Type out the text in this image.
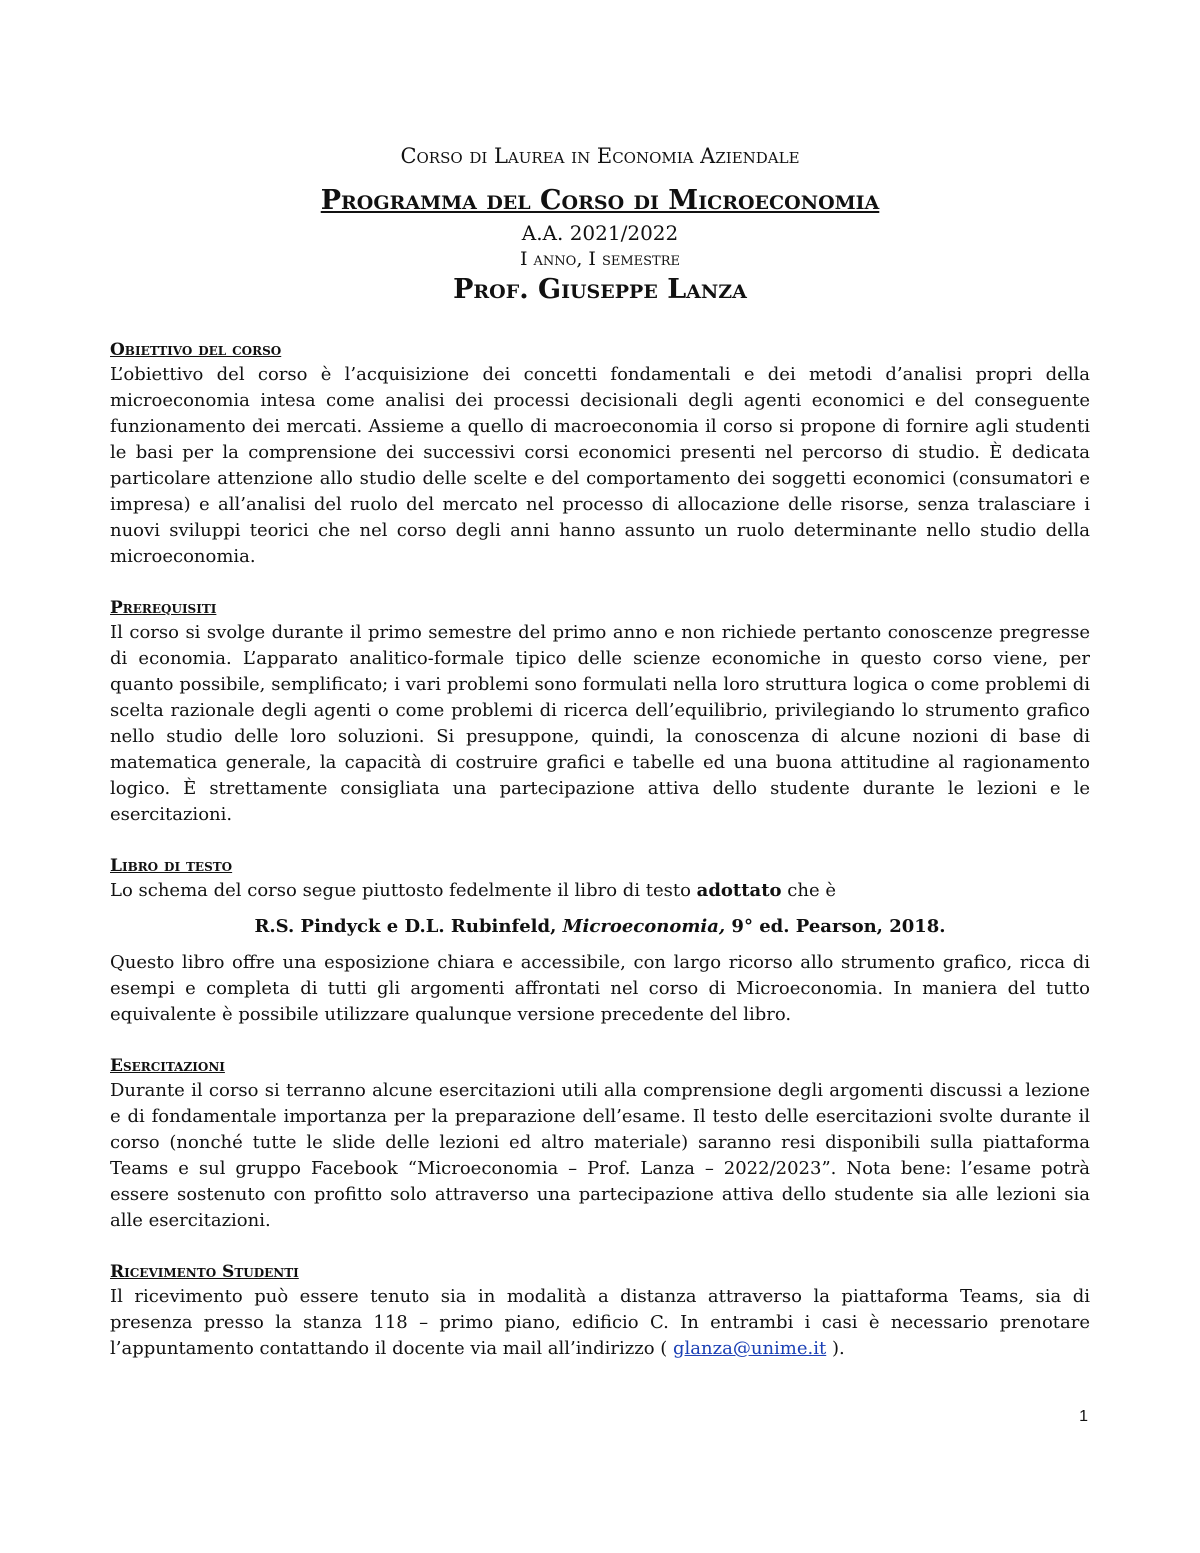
Corso di Laurea in Economia Aziendale
Programma del Corso di Microeconomia
A.A. 2021/2022
I anno, I semestre
Prof. Giuseppe Lanza
Obiettivo del corso

L’obiettivo del corso è l’acquisizione dei concetti fondamentali e dei metodi d’analisi propri della microeconomia intesa come analisi dei processi decisionali degli agenti economici e del conseguente funzionamento dei mercati. Assieme a quello di macroeconomia il corso si propone di fornire agli studenti le basi per la comprensione dei successivi corsi economici presenti nel percorso di studio. È dedicata particolare attenzione allo studio delle scelte e del comportamento dei soggetti economici (consumatori e impresa) e all’analisi del ruolo del mercato nel processo di allocazione delle risorse, senza tralasciare i nuovi sviluppi teorici che nel corso degli anni hanno assunto un ruolo determinante nello studio della microeconomia.

Prerequisiti

Il corso si svolge durante il primo semestre del primo anno e non richiede pertanto conoscenze pregresse di economia. L’apparato analitico-formale tipico delle scienze economiche in questo corso viene, per quanto possibile, semplificato; i vari problemi sono formulati nella loro struttura logica o come problemi di scelta razionale degli agenti o come problemi di ricerca dell’equilibrio, privilegiando lo strumento grafico nello studio delle loro soluzioni. Si presuppone, quindi, la conoscenza di alcune nozioni di base di matematica generale, la capacità di costruire grafici e tabelle ed una buona attitudine al ragionamento logico. È strettamente consigliata una partecipazione attiva dello studente durante le lezioni e le esercitazioni.

Libro di testo

Lo schema del corso segue piuttosto fedelmente il libro di testo adottato che è

R.S. Pindyck e D.L. Rubinfeld, Microeconomia, 9° ed. Pearson, 2018.

Questo libro offre una esposizione chiara e accessibile, con largo ricorso allo strumento grafico, ricca di esempi e completa di tutti gli argomenti affrontati nel corso di Microeconomia. In maniera del tutto equivalente è possibile utilizzare qualunque versione precedente del libro.

Esercitazioni

Durante il corso si terranno alcune esercitazioni utili alla comprensione degli argomenti discussi a lezione e di fondamentale importanza per la preparazione dell’esame. Il testo delle esercitazioni svolte durante il corso (nonché tutte le slide delle lezioni ed altro materiale) saranno resi disponibili sulla piattaforma Teams e sul gruppo Facebook “Microeconomia – Prof. Lanza – 2022/2023”. Nota bene: l’esame potrà essere sostenuto con profitto solo attraverso una partecipazione attiva dello studente sia alle lezioni sia alle esercitazioni.

Ricevimento Studenti

Il ricevimento può essere tenuto sia in modalità a distanza attraverso la piattaforma Teams, sia di presenza presso la stanza 118 – primo piano, edificio C. In entrambi i casi è necessario prenotare l’appuntamento contattando il docente via mail all’indirizzo ( glanza@unime.it ).

1
